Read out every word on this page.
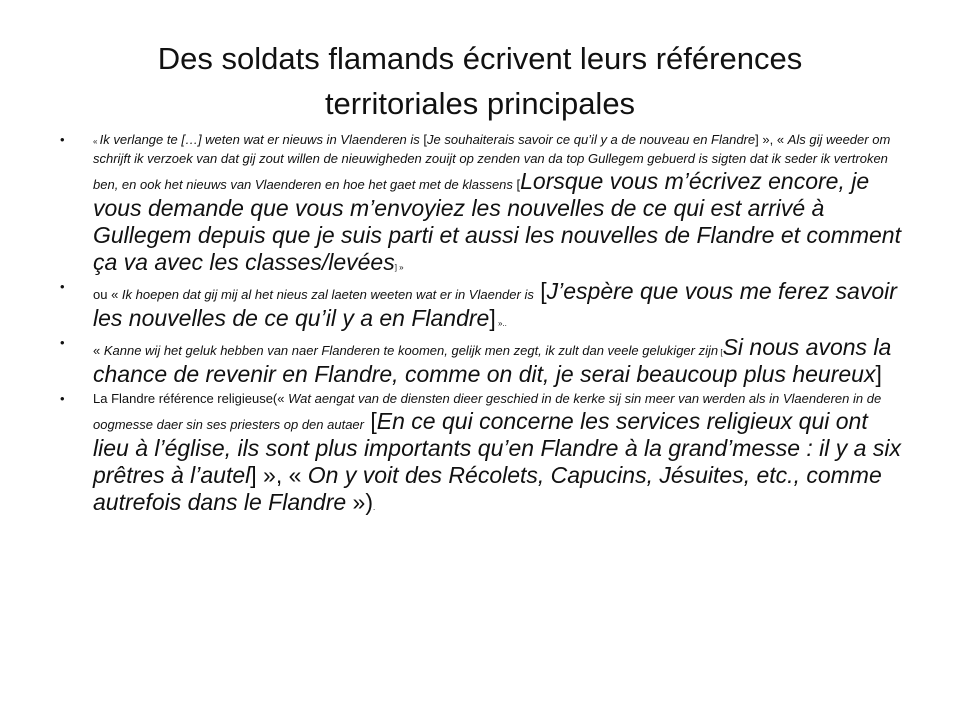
Des soldats flamands écrivent leurs références territoriales principales
•	« Ik verlange te […] weten wat er nieuws in Vlaenderen is [Je souhaiterais savoir ce qu’il y a de nouveau en Flandre] », « Als gij weeder om schrijft ik verzoek van dat gij zout willen de nieuwigheden zouijt op zenden van da top Gullegem gebuerd is sigten dat ik seder ik vertroken ben, en ook het nieuws van Vlaenderen en hoe het gaet met de klassens [Lorsque vous m’écrivez encore, je vous demande que vous m’envoyiez les nouvelles de ce qui est arrivé à Gullegem depuis que je suis parti et aussi les nouvelles de Flandre et comment ça va avec les classes/levées] »
•
ou « Ik hoepen dat gij mij al het nieus zal laeten weeten wat er in Vlaender is [J’espère que vous me ferez savoir les nouvelles de ce qu’il y a en Flandre] »..
•
« Kanne wij het geluk hebben van naer Flanderen te koomen, gelijk men zegt, ik zult dan veele gelukiger zijn [Si nous avons la chance de revenir en Flandre, comme on dit, je serai beaucoup plus heureux]
• La Flandre référence religieuse(« Wat aengat van de diensten dieer geschied in de kerke sij sin meer van werden als in Vlaenderen in de oogmesse daer sin ses priesters op den autaer [En ce qui concerne les services religieux qui ont lieu à l’église, ils sont plus importants qu’en Flandre à la grand’messe : il y a six prêtres à l’autel] », « On y voit des Récolets, Capucins, Jésuites, etc., comme autrefois dans le Flandre »).
